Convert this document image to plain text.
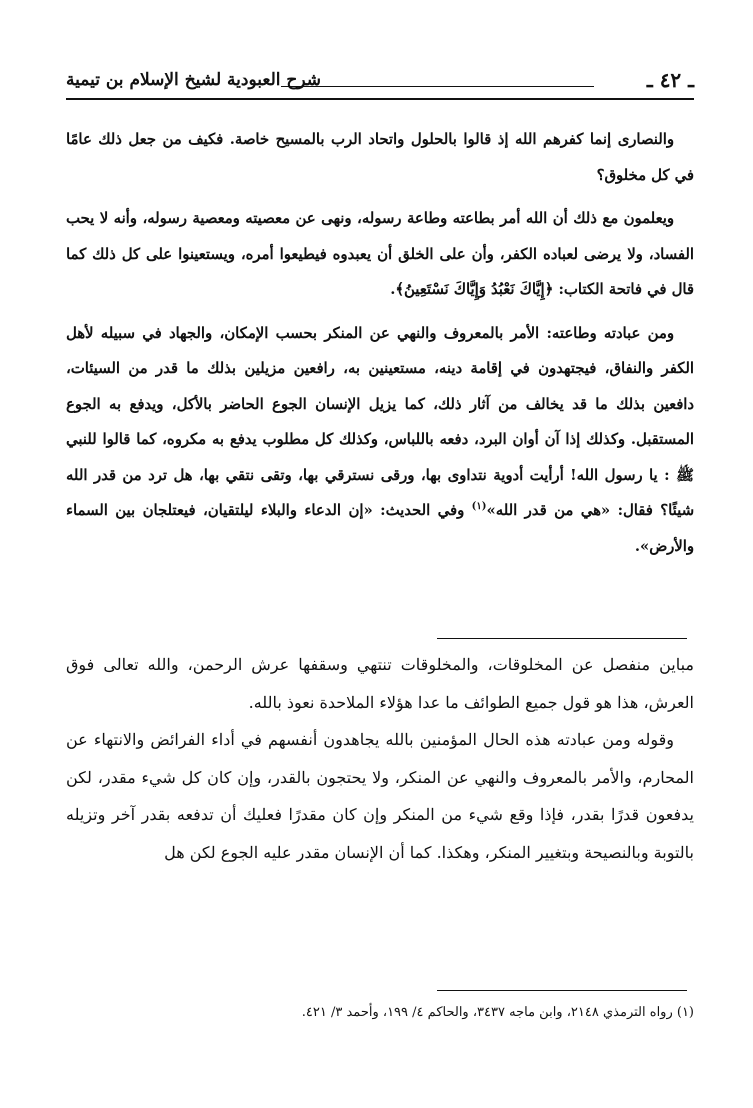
ـ ٤٢ ـ
شرح العبودية لشيخ الإسلام بن تيمية

والنصارى إنما كفرهم الله إذ قالوا بالحلول واتحاد الرب بالمسيح خاصة. فكيف من جعل ذلك عامًا في كل مخلوق؟

ويعلمون مع ذلك أن الله أمر بطاعته وطاعة رسوله، ونهى عن معصيته ومعصية رسوله، وأنه لا يحب الفساد، ولا يرضى لعباده الكفر، وأن على الخلق أن يعبدوه فيطيعوا أمره، ويستعينوا على كل ذلك كما قال في فاتحة الكتاب: ﴿إِيَّاكَ نَعْبُدُ وَإِيَّاكَ نَسْتَعِينُ﴾.

ومن عبادته وطاعته: الأمر بالمعروف والنهي عن المنكر بحسب الإمكان، والجهاد في سبيله لأهل الكفر والنفاق، فيجتهدون في إقامة دينه، مستعينين به، رافعين مزيلين بذلك ما قدر من السيئات، دافعين بذلك ما قد يخالف من آثار ذلك، كما يزيل الإنسان الجوع الحاضر بالأكل، ويدفع به الجوع المستقبل. وكذلك إذا آن أوان البرد، دفعه باللباس، وكذلك كل مطلوب يدفع به مكروه، كما قالوا للنبي ﷺ : يا رسول الله! أرأيت أدوية نتداوى بها، ورقى نسترقي بها، وتقى نتقي بها، هل ترد من قدر الله شيئًا؟ فقال: «هي من قدر الله»$^{(١)}$ وفي الحديث: «إن الدعاء والبلاء ليلتقيان، فيعتلجان بين السماء والأرض».

مباين منفصل عن المخلوقات، والمخلوقات تنتهي وسقفها عرش الرحمن، والله تعالى فوق العرش، هذا هو قول جميع الطوائف ما عدا هؤلاء الملاحدة نعوذ بالله.

وقوله ومن عبادته هذه الحال المؤمنين بالله يجاهدون أنفسهم في أداء الفرائض والانتهاء عن المحارم، والأمر بالمعروف والنهي عن المنكر، ولا يحتجون بالقدر، وإن كان كل شيء مقدر، لكن يدفعون قدرًا بقدر، فإذا وقع شيء من المنكر وإن كان مقدرًا فعليك أن تدفعه بقدر آخر وتزيله بالتوبة وبالنصيحة وبتغيير المنكر، وهكذا. كما أن الإنسان مقدر عليه الجوع لكن هل

(١) رواه الترمذي ٢١٤٨، وابن ماجه ٣٤٣٧، والحاكم ٤/ ١٩٩، وأحمد ٣/ ٤٢١.
